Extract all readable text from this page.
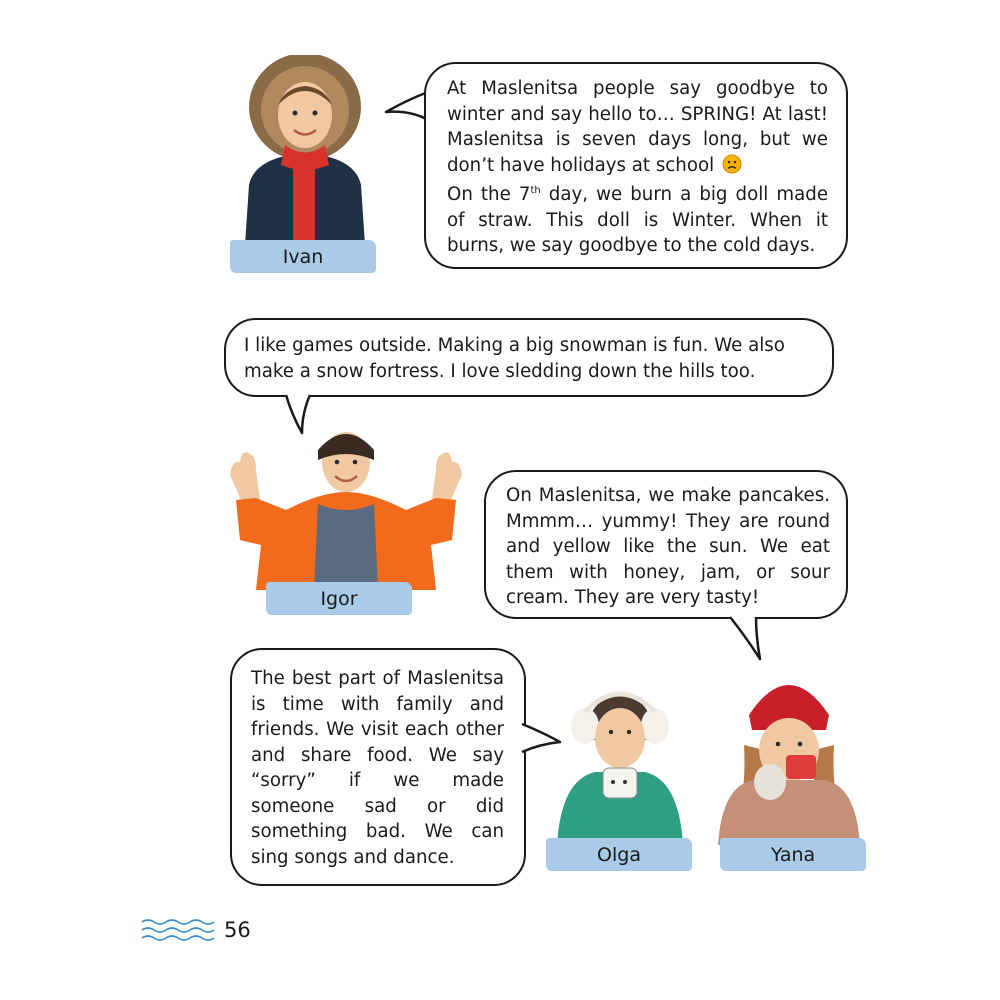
Ivan

At Maslenitsa people say goodbye to winter and say hello to… SPRING! At last! Maslenitsa is seven days long, but we don’t have holidays at school
On the 7th day, we burn a big doll made of straw. This doll is Winter. When it burns, we say goodbye to the cold days.

I like games outside. Making a big snowman is fun. We also make a snow fortress. I love sledding down the hills too.

Igor

On Maslenitsa, we make pancakes. Mmmm… yummy! They are round and yellow like the sun. We eat them with honey, jam, or sour cream. They are very tasty!

Yana

The best part of Maslenitsa is time with family and friends. We visit each other and share food. We say “sorry” if we made someone sad or did something bad. We can sing songs and dance.	Olga
56
